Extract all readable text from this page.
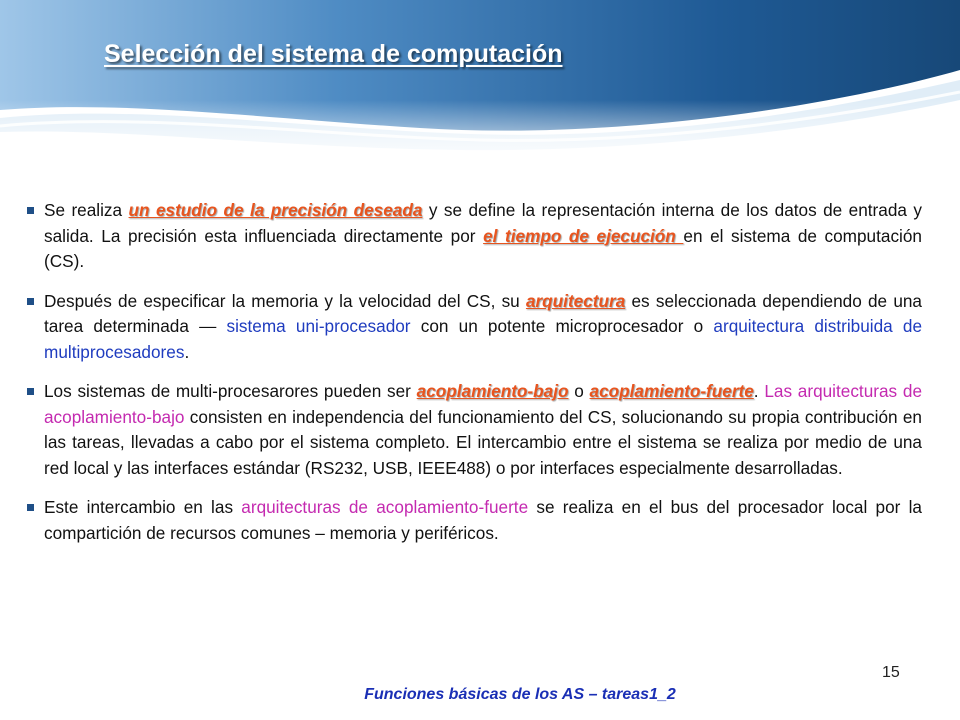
Selección del sistema de computación

Se realiza un estudio de la precisión deseada y se define la representación interna de los datos de entrada y salida. La precisión esta influenciada directamente por el tiempo de ejecución en el sistema de computación (CS).

Después de especificar la memoria y la velocidad del CS, su arquitectura es seleccionada dependiendo de una tarea determinada — sistema uni-procesador con un potente microprocesador o arquitectura distribuida de multiprocesadores.

Los sistemas de multi-procesarores pueden ser acoplamiento-bajo o acoplamiento-fuerte. Las arquitecturas de acoplamiento-bajo consisten en independencia del funcionamiento del CS, solucionando su propia contribución en las tareas, llevadas a cabo por el sistema completo. El intercambio entre el sistema se realiza por medio de una red local y las interfaces estándar (RS232, USB, IEEE488) o por interfaces especialmente desarrolladas.

Este intercambio en las arquitecturas de acoplamiento-fuerte se realiza en el bus del procesador local por la compartición de recursos comunes – memoria y periféricos.

15

Funciones básicas de los AS – tareas1_2
